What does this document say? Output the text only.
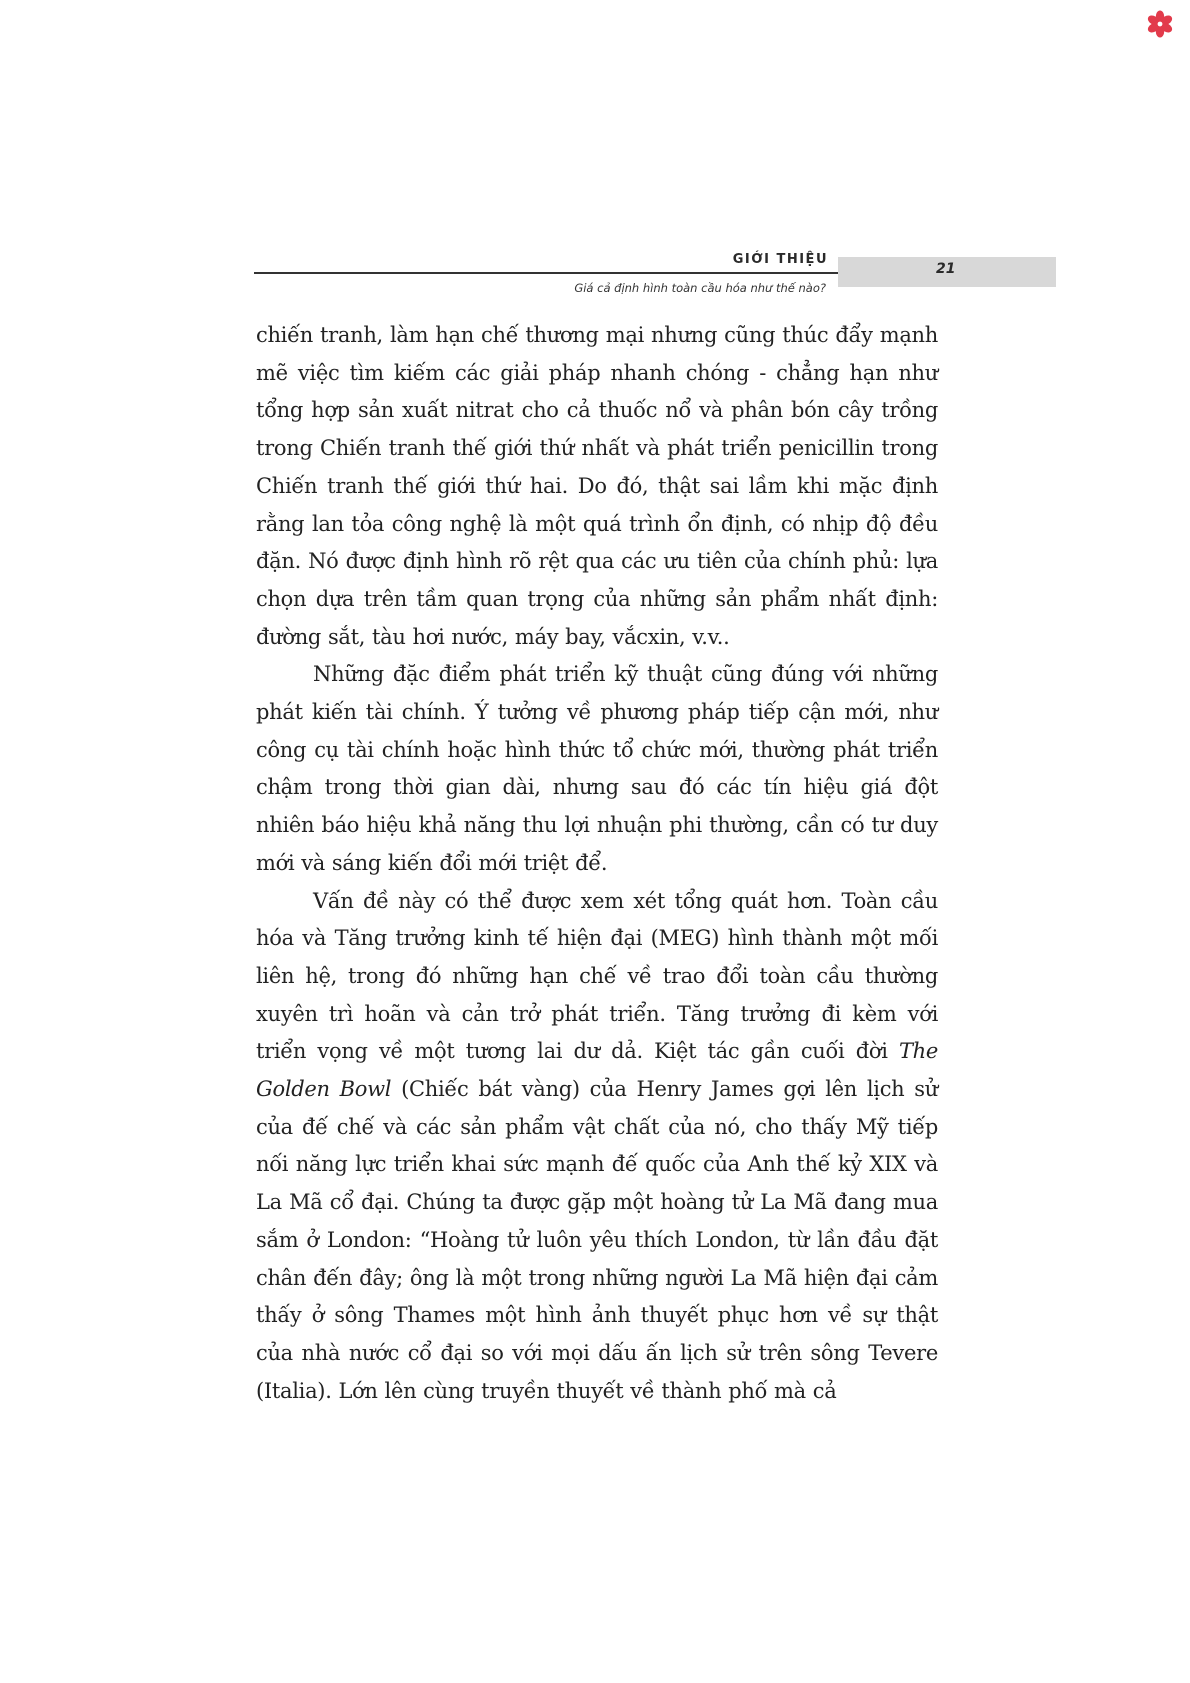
GIỚI THIỆU
Giá cả định hình toàn cầu hóa như thế nào?
21

chiến tranh, làm hạn chế thương mại nhưng cũng thúc đẩy mạnh mẽ việc tìm kiếm các giải pháp nhanh chóng - chẳng hạn như tổng hợp sản xuất nitrat cho cả thuốc nổ và phân bón cây trồng trong Chiến tranh thế giới thứ nhất và phát triển penicillin trong Chiến tranh thế giới thứ hai. Do đó, thật sai lầm khi mặc định rằng lan tỏa công nghệ là một quá trình ổn định, có nhịp độ đều đặn. Nó được định hình rõ rệt qua các ưu tiên của chính phủ: lựa chọn dựa trên tầm quan trọng của những sản phẩm nhất định: đường sắt, tàu hơi nước, máy bay, vắcxin, v.v..

Những đặc điểm phát triển kỹ thuật cũng đúng với những phát kiến tài chính. Ý tưởng về phương pháp tiếp cận mới, như công cụ tài chính hoặc hình thức tổ chức mới, thường phát triển chậm trong thời gian dài, nhưng sau đó các tín hiệu giá đột nhiên báo hiệu khả năng thu lợi nhuận phi thường, cần có tư duy mới và sáng kiến đổi mới triệt để.

Vấn đề này có thể được xem xét tổng quát hơn. Toàn cầu hóa và Tăng trưởng kinh tế hiện đại (MEG) hình thành một mối liên hệ, trong đó những hạn chế về trao đổi toàn cầu thường xuyên trì hoãn và cản trở phát triển. Tăng trưởng đi kèm với triển vọng về một tương lai dư dả. Kiệt tác gần cuối đời The Golden Bowl (Chiếc bát vàng) của Henry James gợi lên lịch sử của đế chế và các sản phẩm vật chất của nó, cho thấy Mỹ tiếp nối năng lực triển khai sức mạnh đế quốc của Anh thế kỷ XIX và La Mã cổ đại. Chúng ta được gặp một hoàng tử La Mã đang mua sắm ở London: “Hoàng tử luôn yêu thích London, từ lần đầu đặt chân đến đây; ông là một trong những người La Mã hiện đại cảm thấy ở sông Thames một hình ảnh thuyết phục hơn về sự thật của nhà nước cổ đại so với mọi dấu ấn lịch sử trên sông Tevere (Italia). Lớn lên cùng truyền thuyết về thành phố mà cả
